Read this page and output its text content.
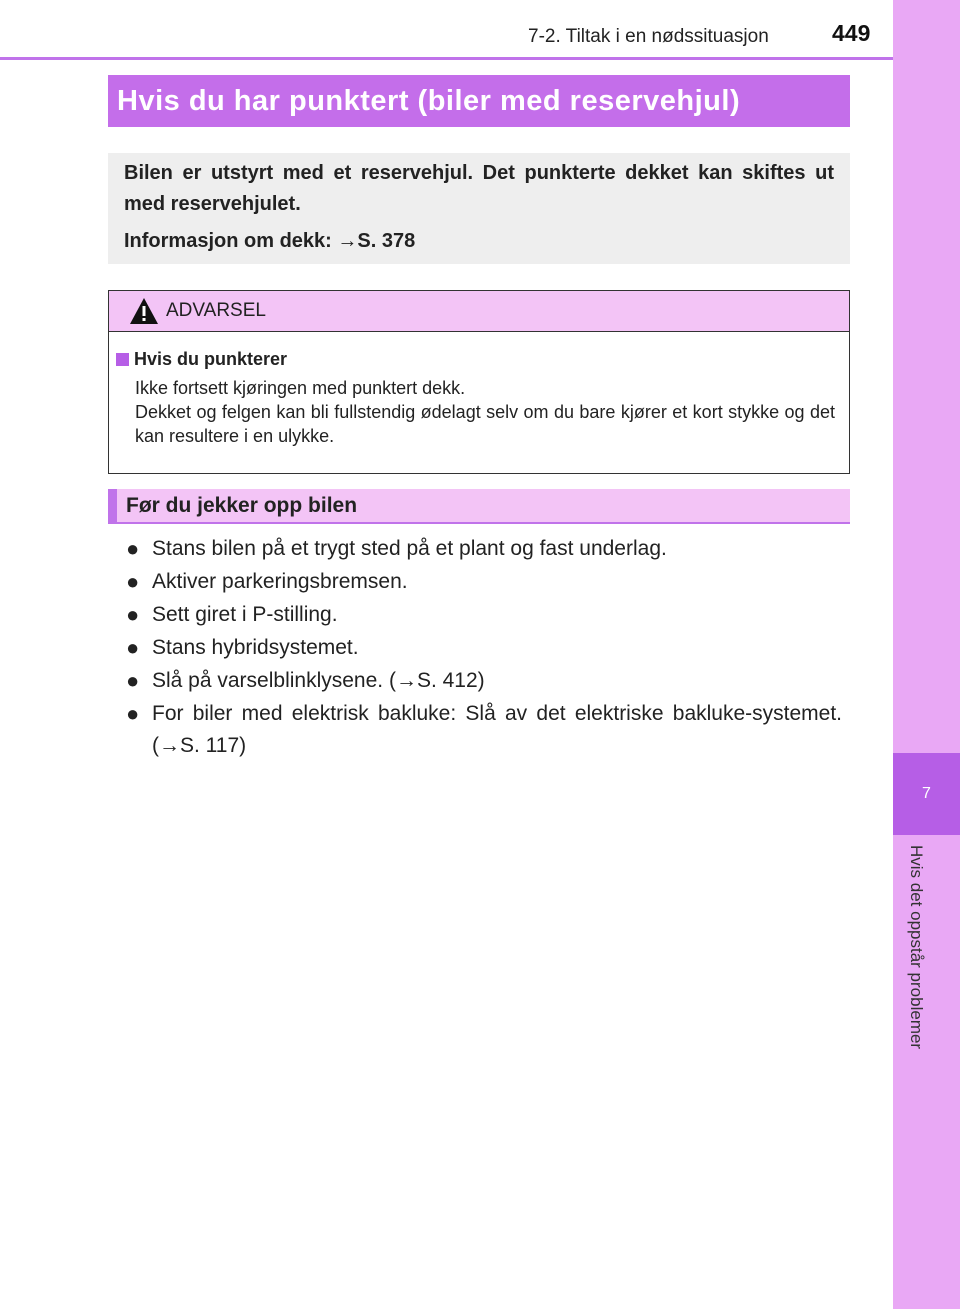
7
Hvis det oppstår problemer
7-2. Tiltak i en nødssituasjon	449
Hvis du har punktert (biler med reservehjul)

Bilen er utstyrt med et reservehjul. Det punkterte dekket kan skiftes ut med reservehjulet.

Informasjon om dekk: →S. 378

ADVARSEL
Hvis du punkterer

Ikke fortsett kjøringen med punktert dekk.

Dekket og felgen kan bli fullstendig ødelagt selv om du bare kjører et kort stykke og det kan resultere i en ulykke.

Før du jekker opp bilen
● Stans bilen på et trygt sted på et plant og fast underlag.
● Aktiver parkeringsbremsen.
● Sett giret i P-stilling.
● Stans hybridsystemet.
● Slå på varselblinklysene. (→S. 412)
● For biler med elektrisk bakluke: Slå av det elektriske bakluke-systemet. (→S. 117)
